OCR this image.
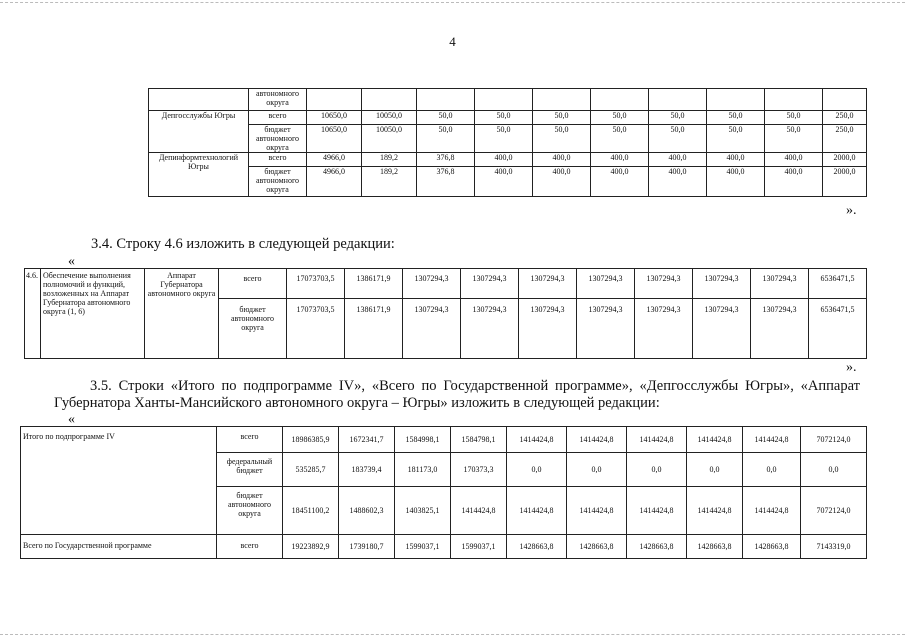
4
	автономного округа										
Депгосслужбы Югры	всего	10650,0	10050,0	50,0	50,0	50,0	50,0	50,0	50,0	50,0	250,0
	бюджет автономного округа	10650,0	10050,0	50,0	50,0	50,0	50,0	50,0	50,0	50,0	250,0
Депинформтехнологий Югры	всего	4966,0	189,2	376,8	400,0	400,0	400,0	400,0	400,0	400,0	2000,0
	бюджет автономного округа	4966,0	189,2	376,8	400,0	400,0	400,0	400,0	400,0	400,0	2000,0
».
3.4. Строку 4.6 изложить в следующей редакции:
«
4.6.	Обеспечение выполнения полномочий и функций, возложенных на Аппарат Губернатора автономного округа (1, 6)	Аппарат Губернатора автономного округа	всего	17073703,5	1386171,9	1307294,3	1307294,3	1307294,3	1307294,3	1307294,3	1307294,3	1307294,3	6536471,5
			бюджет автономного округа	17073703,5	1386171,9	1307294,3	1307294,3	1307294,3	1307294,3	1307294,3	1307294,3	1307294,3	6536471,5
».
3.5. Строки «Итого по подпрограмме IV», «Всего по Государственной программе», «Депгосслужбы Югры», «Аппарат Губернатора Ханты-Мансийского автономного округа – Югры» изложить в следующей редакции:
«
Итого по подпрограмме IV	всего	18986385,9	1672341,7	1584998,1	1584798,1	1414424,8	1414424,8	1414424,8	1414424,8	1414424,8	7072124,0
	федеральный бюджет	535285,7	183739,4	181173,0	170373,3	0,0	0,0	0,0	0,0	0,0	0,0
	бюджет автономного округа	18451100,2	1488602,3	1403825,1	1414424,8	1414424,8	1414424,8	1414424,8	1414424,8	1414424,8	7072124,0
Всего по Государственной программе	всего	19223892,9	1739180,7	1599037,1	1599037,1	1428663,8	1428663,8	1428663,8	1428663,8	1428663,8	7143319,0
